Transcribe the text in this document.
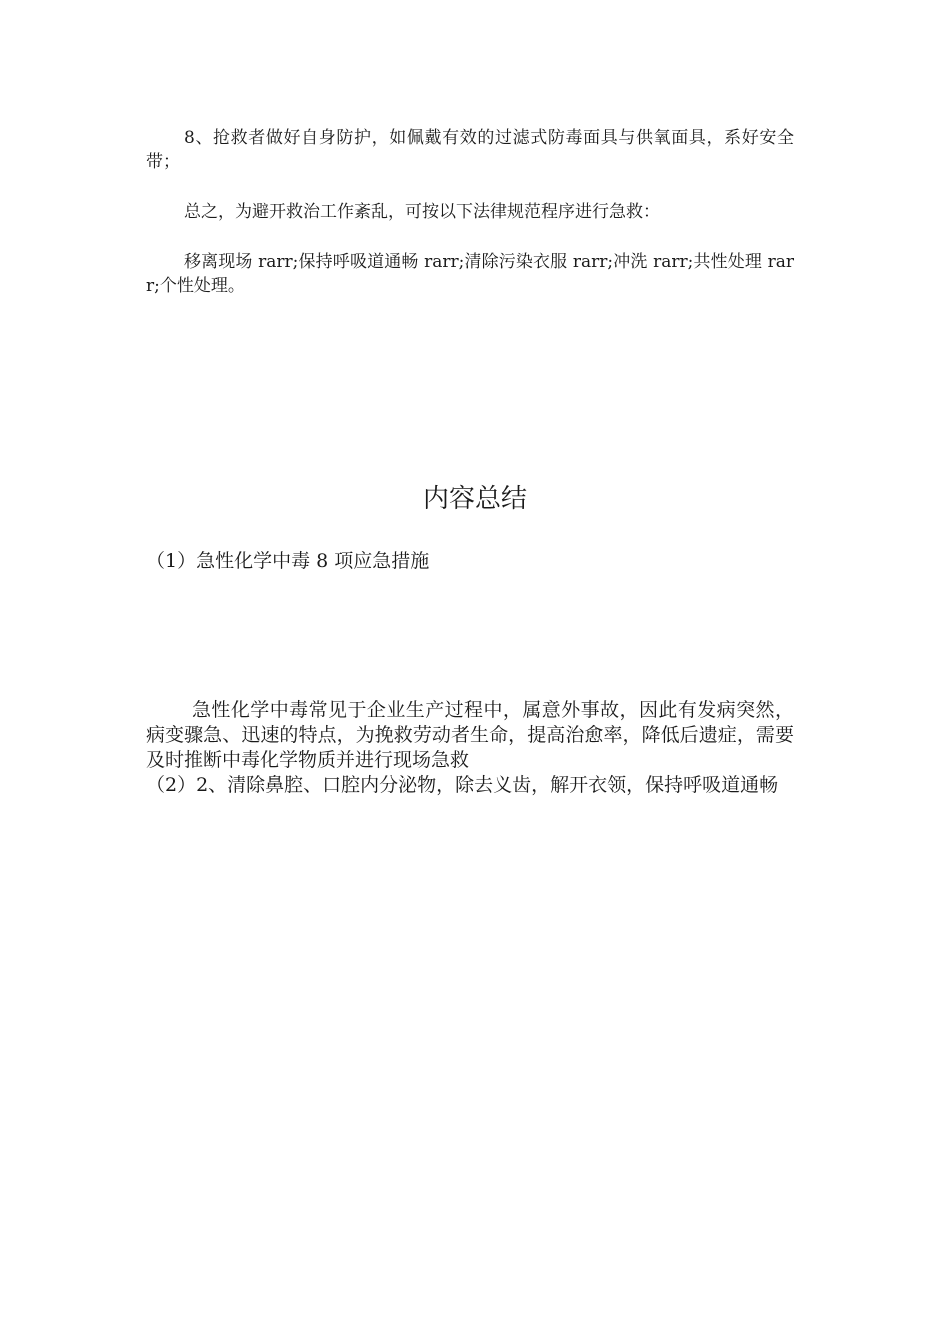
8、抢救者做好自身防护，如佩戴有效的过滤式防毒面具与供氧面具，系好安全带；

总之，为避开救治工作紊乱，可按以下法律规范程序进行急救：

移离现场 rarr;保持呼吸道通畅 rarr;清除污染衣服 rarr;冲洗 rarr;共性处理 rarr;个性处理。

内容总结

（1）急性化学中毒 8 项应急措施

急性化学中毒常见于企业生产过程中，属意外事故，因此有发病突然，病变骤急、迅速的特点，为挽救劳动者生命，提高治愈率，降低后遗症，需要及时推断中毒化学物质并进行现场急救

（2）2、清除鼻腔、口腔内分泌物，除去义齿，解开衣领，保持呼吸道通畅
